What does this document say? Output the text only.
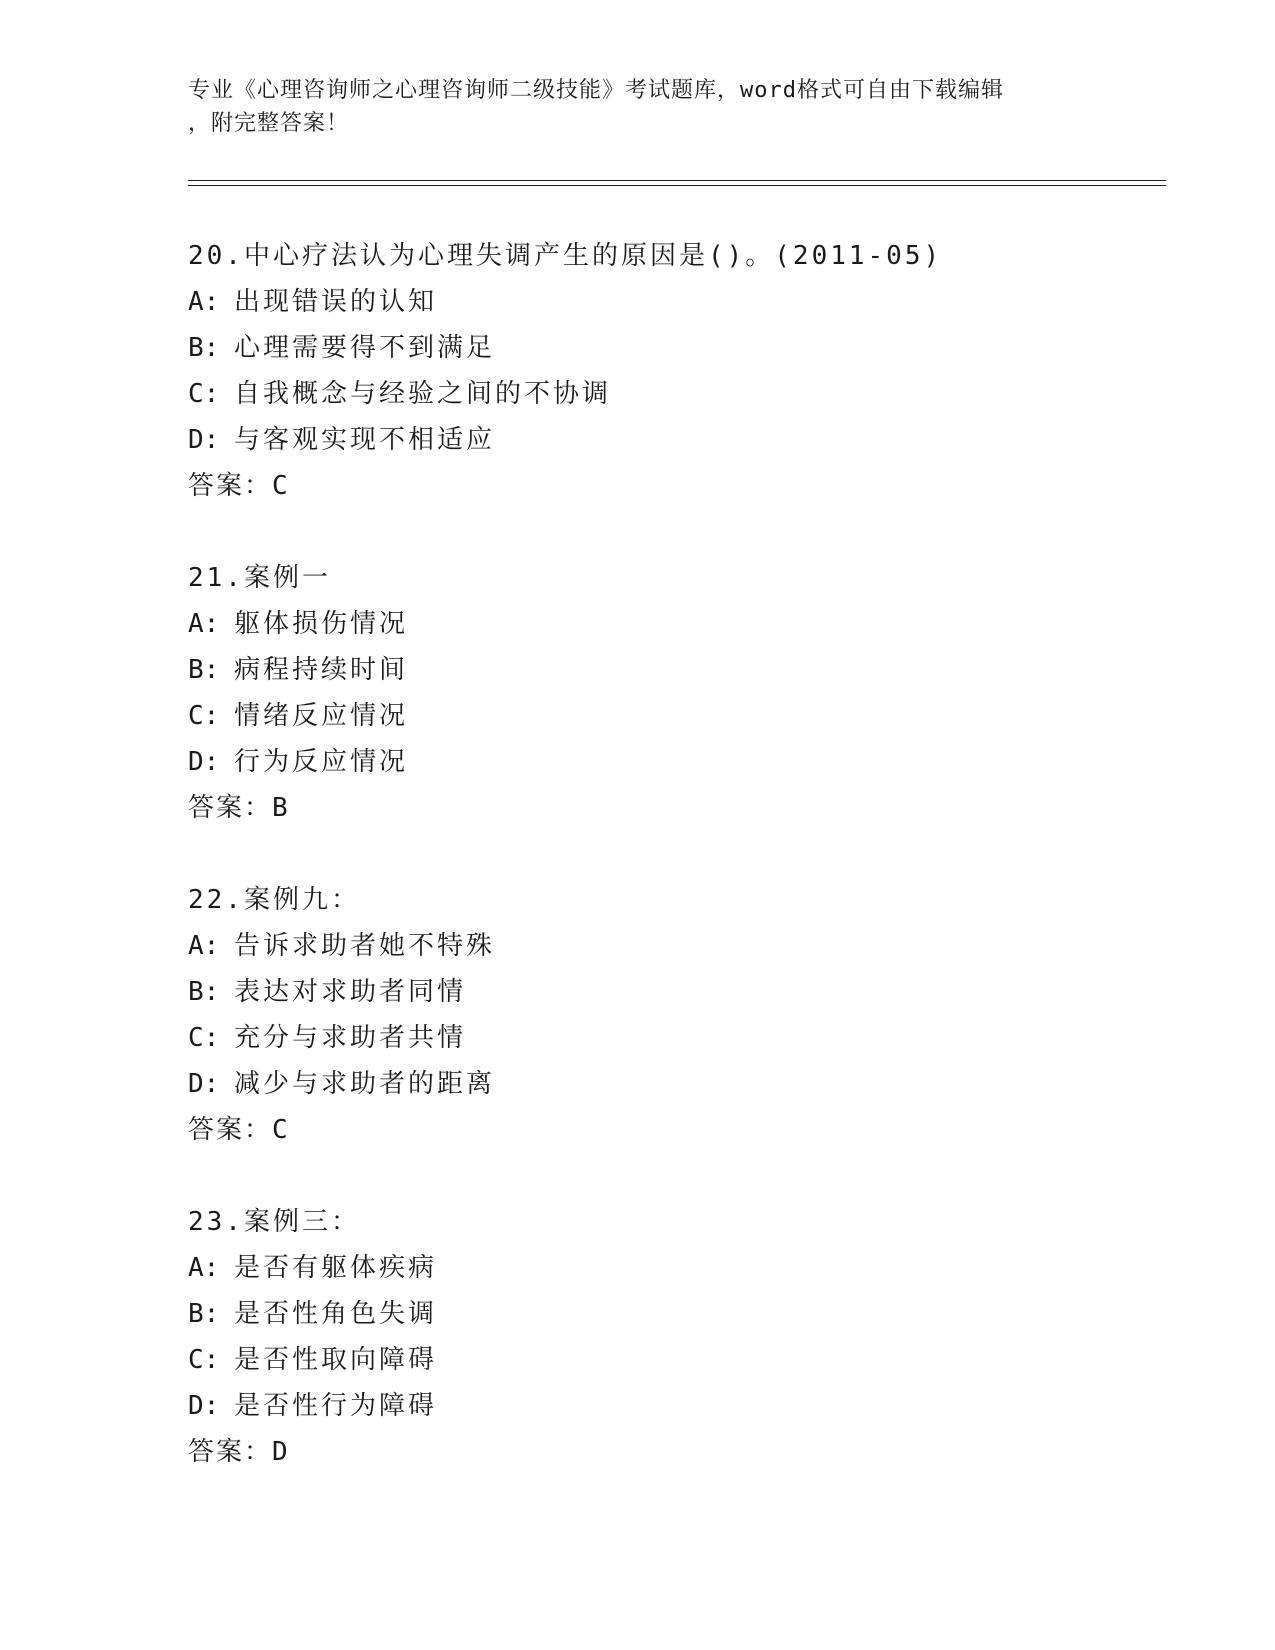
专业《心理咨询师之心理咨询师二级技能》考试题库，word格式可自由下载编辑
，附完整答案！
20.中心疗法认为心理失调产生的原因是()。(2011-05)
A: 出现错误的认知
B: 心理需要得不到满足
C: 自我概念与经验之间的不协调
D: 与客观实现不相适应
答案：C
21.案例一
A: 躯体损伤情况
B: 病程持续时间
C: 情绪反应情况
D: 行为反应情况
答案：B
22.案例九：
A: 告诉求助者她不特殊
B: 表达对求助者同情
C: 充分与求助者共情
D: 减少与求助者的距离
答案：C
23.案例三：
A: 是否有躯体疾病
B: 是否性角色失调
C: 是否性取向障碍
D: 是否性行为障碍
答案：D
